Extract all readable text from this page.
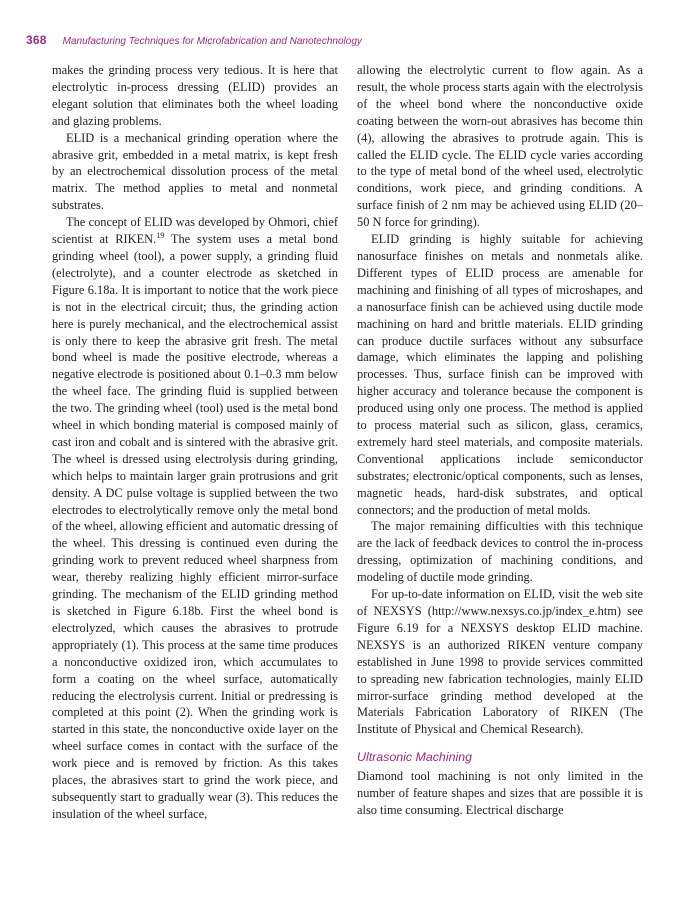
368 Manufacturing Techniques for Microfabrication and Nanotechnology

makes the grinding process very tedious. It is here that electrolytic in-process dressing (ELID) provides an elegant solution that eliminates both the wheel loading and glazing problems.

ELID is a mechanical grinding operation where the abrasive grit, embedded in a metal matrix, is kept fresh by an electrochemical dissolution process of the metal matrix. The method applies to metal and nonmetal substrates.

The concept of ELID was developed by Ohmori, chief scientist at RIKEN.$^{19}$ The system uses a metal bond grinding wheel (tool), a power supply, a grinding fluid (electrolyte), and a counter electrode as sketched in Figure 6.18a. It is important to notice that the work piece is not in the electrical circuit; thus, the grinding action here is purely mechanical, and the electrochemical assist is only there to keep the abrasive grit fresh. The metal bond wheel is made the positive electrode, whereas a negative electrode is positioned about 0.1–0.3 mm below the wheel face. The grinding fluid is supplied between the two. The grinding wheel (tool) used is the metal bond wheel in which bonding material is composed mainly of cast iron and cobalt and is sintered with the abrasive grit. The wheel is dressed using electrolysis during grinding, which helps to maintain larger grain protrusions and grit density. A DC pulse voltage is supplied between the two electrodes to electrolytically remove only the metal bond of the wheel, allowing efficient and automatic dressing of the wheel. This dressing is continued even during the grinding work to prevent reduced wheel sharpness from wear, thereby realizing highly efficient mirror-surface grinding. The mechanism of the ELID grinding method is sketched in Figure 6.18b. First the wheel bond is electrolyzed, which causes the abrasives to protrude appropriately (1). This process at the same time produces a nonconductive oxidized iron, which accumulates to form a coating on the wheel surface, automatically reducing the electrolysis current. Initial or predressing is completed at this point (2). When the grinding work is started in this state, the nonconductive oxide layer on the wheel surface comes in contact with the surface of the work piece and is removed by friction. As this takes places, the abrasives start to grind the work piece, and subsequently start to gradually wear (3). This reduces the insulation of the wheel surface,

allowing the electrolytic current to flow again. As a result, the whole process starts again with the electrolysis of the wheel bond where the nonconductive oxide coating between the worn-out abrasives has become thin (4), allowing the abrasives to protrude again. This is called the ELID cycle. The ELID cycle varies according to the type of metal bond of the wheel used, electrolytic conditions, work piece, and grinding conditions. A surface finish of 2 nm may be achieved using ELID (20–50 N force for grinding).

ELID grinding is highly suitable for achieving nanosurface finishes on metals and nonmetals alike. Different types of ELID process are amenable for machining and finishing of all types of microshapes, and a nanosurface finish can be achieved using ductile mode machining on hard and brittle materials. ELID grinding can produce ductile surfaces without any subsurface damage, which eliminates the lapping and polishing processes. Thus, surface finish can be improved with higher accuracy and tolerance because the component is produced using only one process. The method is applied to process material such as silicon, glass, ceramics, extremely hard steel materials, and composite materials. Conventional applications include semiconductor substrates; electronic/optical components, such as lenses, magnetic heads, hard-disk substrates, and optical connectors; and the production of metal molds.

The major remaining difficulties with this technique are the lack of feedback devices to control the in-process dressing, optimization of machining conditions, and modeling of ductile mode grinding.

For up-to-date information on ELID, visit the web site of NEXSYS (http://www.nexsys.co.jp/index_e.​htm) see Figure 6.19 for a NEXSYS desktop ELID machine. NEXSYS is an authorized RIKEN venture company established in June 1998 to provide services committed to spreading new fabrication technologies, mainly ELID mirror-surface grinding method developed at the Materials Fabrication Laboratory of RIKEN (The Institute of Physical and Chemical Research).

Ultrasonic Machining

Diamond tool machining is not only limited in the number of feature shapes and sizes that are possible it is also time consuming. Electrical discharge
